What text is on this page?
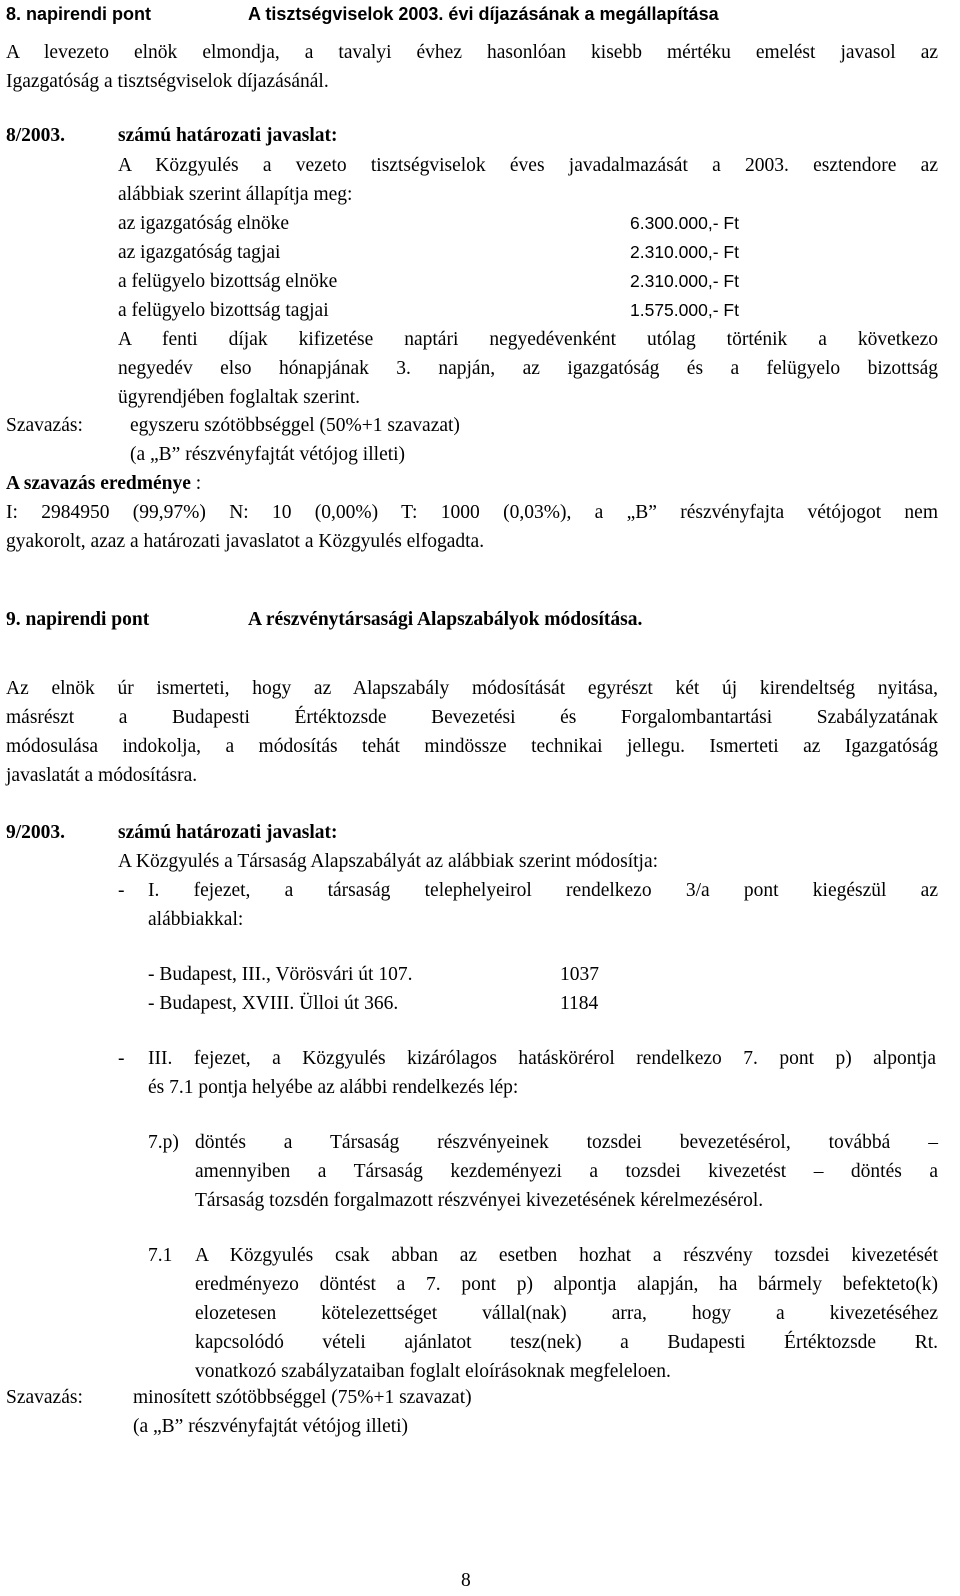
8. napirendi pont	A tisztségviselok 2003. évi díjazásának a megállapítása
A levezeto elnök elmondja, a tavalyi évhez hasonlóan kisebb mértéku emelést javasol az
Igazgatóság a tisztségviselok díjazásánál.
8/2003.	számú határozati javaslat:
A Közgyulés a vezeto tisztségviselok éves javadalmazását a 2003. esztendore az
alábbiak szerint állapítja meg:
az igazgatóság elnöke	6.300.000,- Ft
az igazgatóság tagjai	2.310.000,- Ft
a felügyelo bizottság elnöke	2.310.000,- Ft
a felügyelo bizottság tagjai	1.575.000,- Ft
A fenti díjak kifizetése naptári negyedévenként utólag történik a következo
negyedév elso hónapjának 3. napján, az igazgatóság és a felügyelo bizottság
ügyrendjében foglaltak szerint.
Szavazás: egyszeru szótöbbséggel (50%+1 szavazat)
(a „B” részvényfajtát vétójog illeti)
A szavazás eredménye :
I: 2984950 (99,97%) N: 10 (0,00%) T: 1000 (0,03%), a „B” részvényfajta vétójogot nem
gyakorolt, azaz a határozati javaslatot a Közgyulés elfogadta.
9. napirendi pont	A részvénytársasági Alapszabályok módosítása.
Az elnök úr ismerteti, hogy az Alapszabály módosítását egyrészt két új kirendeltség nyitása,
másrészt a Budapesti Értéktozsde Bevezetési és Forgalombantartási Szabályzatának
módosulása indokolja, a módosítás tehát mindössze technikai jellegu. Ismerteti az Igazgatóság
javaslatát a módosításra.
9/2003.	számú határozati javaslat:
A Közgyulés a Társaság Alapszabályát az alábbiak szerint módosítja:
- I. fejezet, a társaság telephelyeirol rendelkezo 3/a pont kiegészül az
alábbiakkal:
- Budapest, III., Vörösvári út 107.	1037
- Budapest, XVIII. Ülloi út 366.	1184
- III. fejezet, a Közgyulés kizárólagos hatáskörérol rendelkezo 7. pont p) alpontja
és 7.1 pontja helyébe az alábbi rendelkezés lép:
7.p) döntés a Társaság részvényeinek tozsdei bevezetésérol, továbbá –
amennyiben a Társaság kezdeményezi a tozsdei kivezetést – döntés a
Társaság tozsdén forgalmazott részvényei kivezetésének kérelmezésérol.
7.1 A Közgyulés csak abban az esetben hozhat a részvény tozsdei kivezetését
eredményezo döntést a 7. pont p) alpontja alapján, ha bármely befekteto(k)
elozetesen kötelezettséget vállal(nak) arra, hogy a kivezetéséhez
kapcsolódó vételi ajánlatot tesz(nek) a Budapesti Értéktozsde Rt.
vonatkozó szabályzataiban foglalt eloírásoknak megfeleloen.
Szavazás:	minosített szótöbbséggel (75%+1 szavazat)
(a „B” részvényfajtát vétójog illeti)
8
